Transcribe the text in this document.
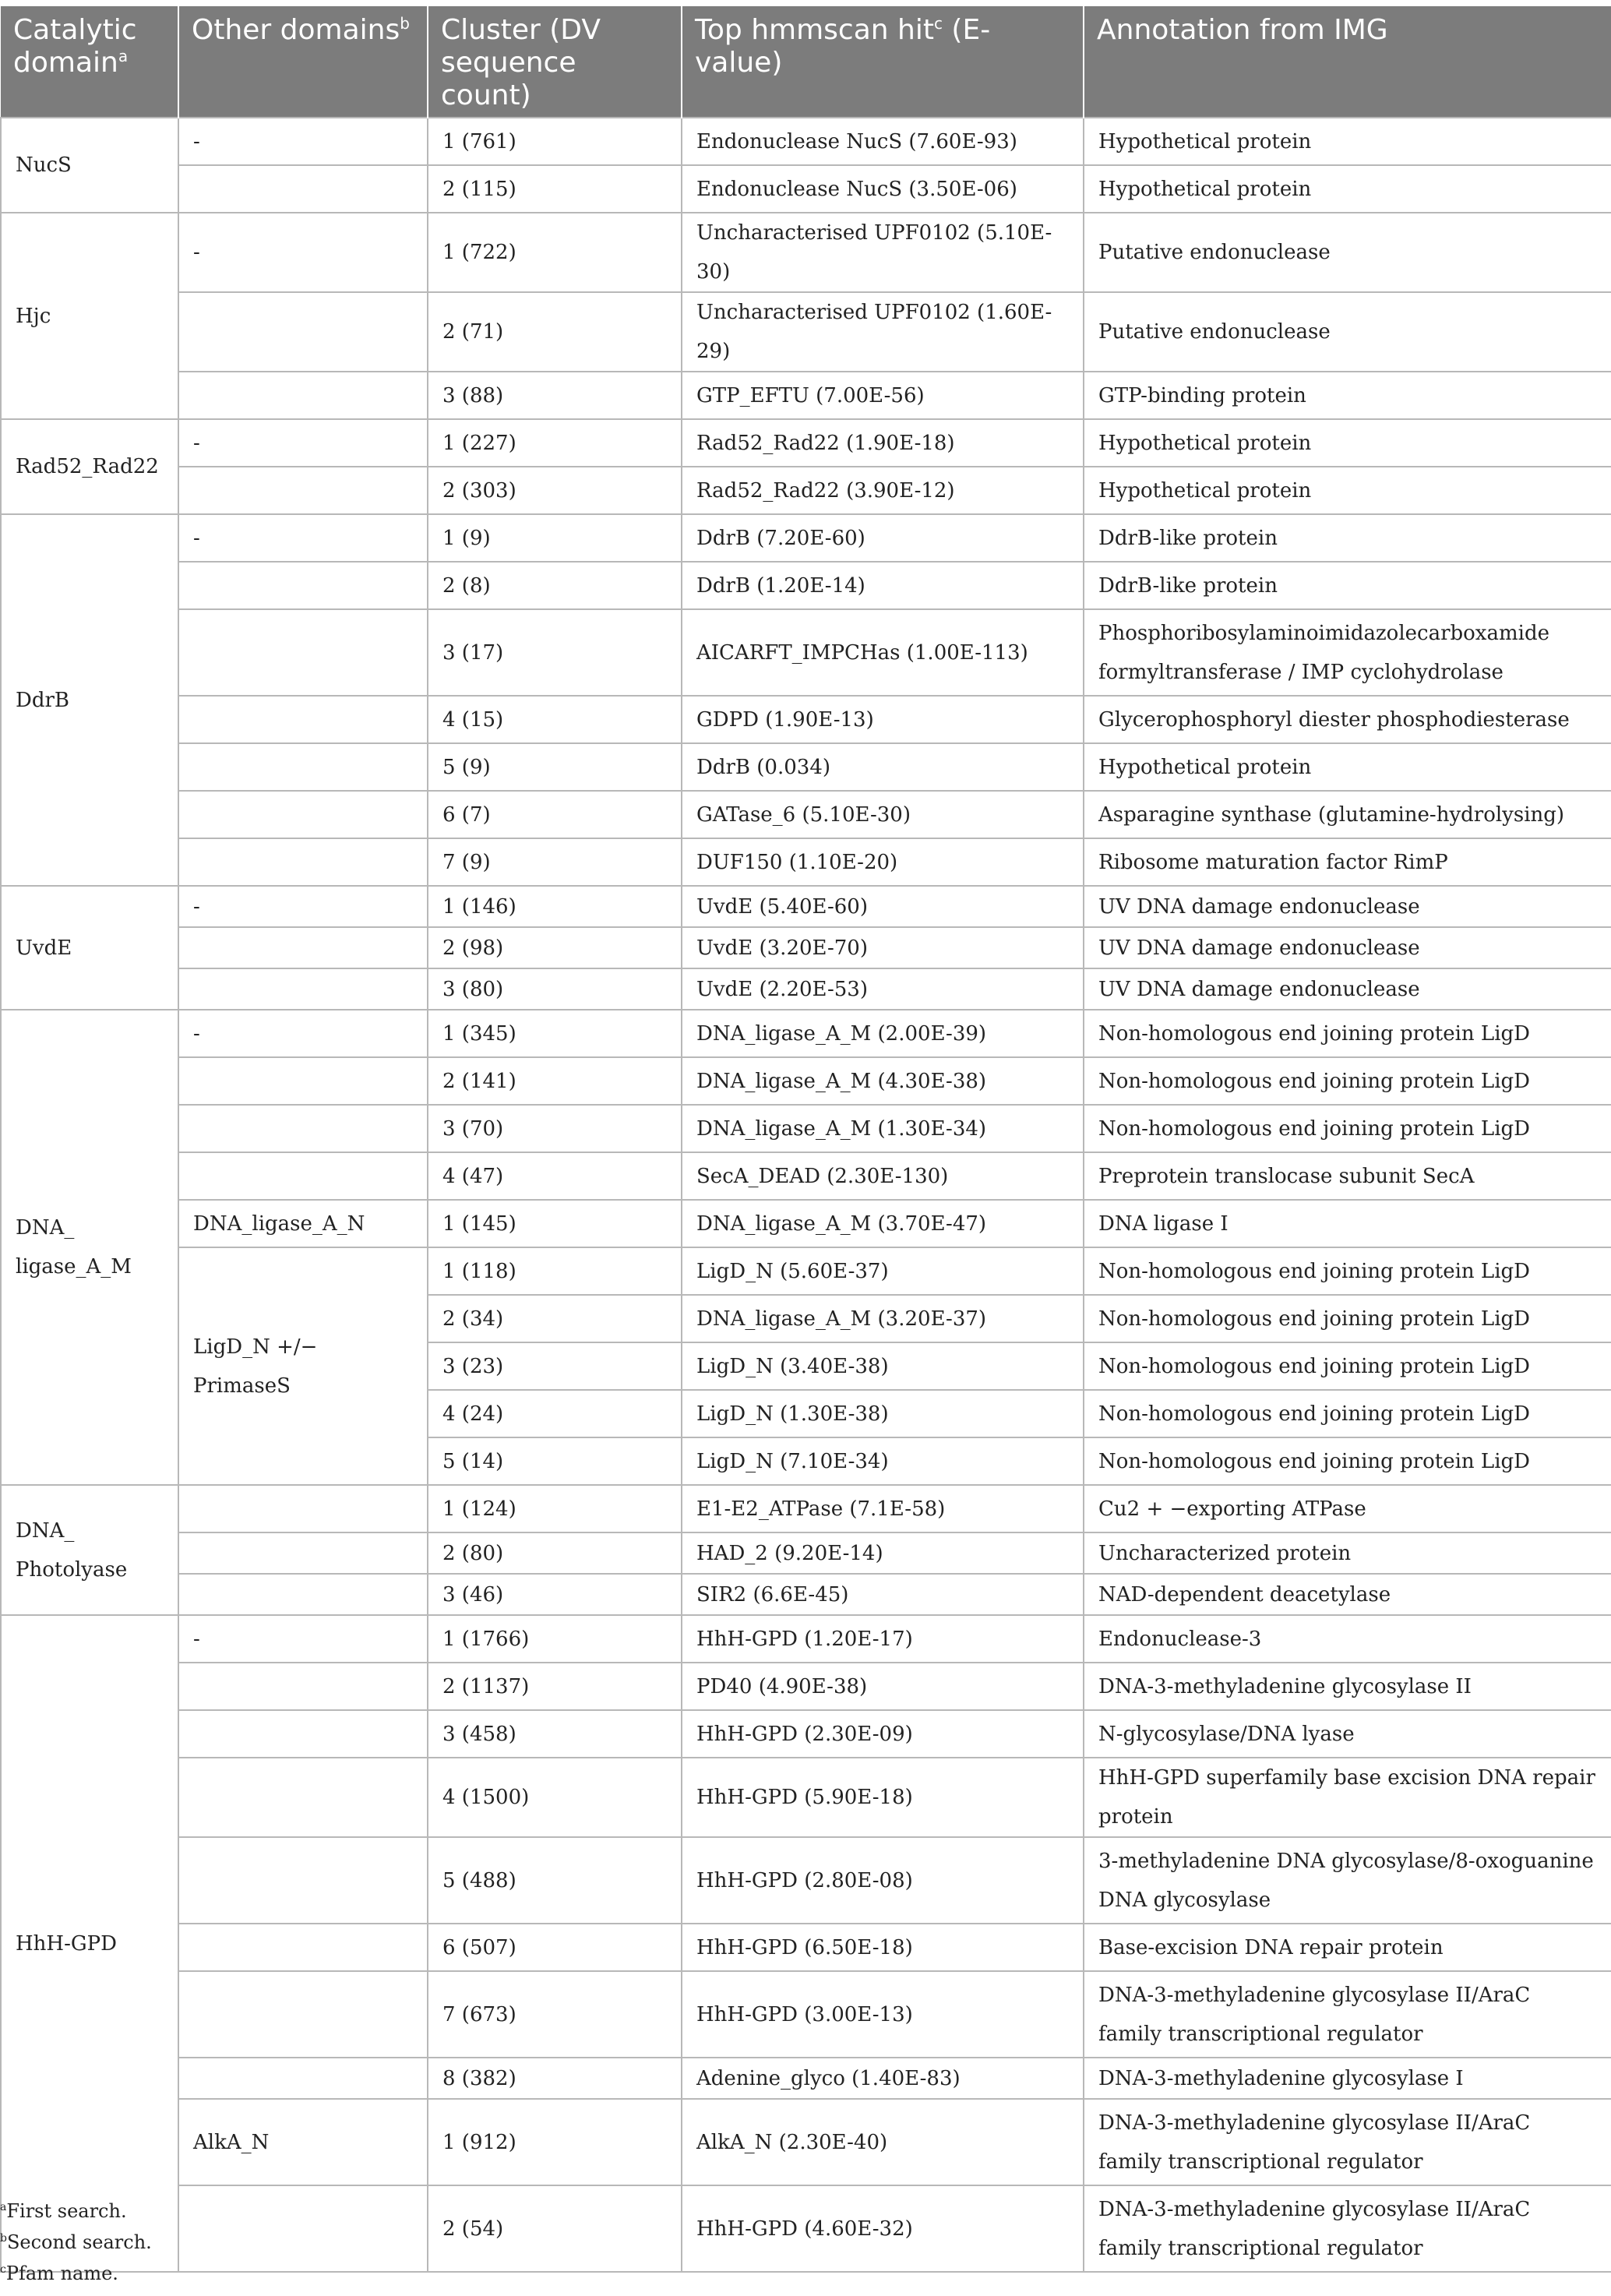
Catalytic domain$^a$	Other domains$^b$	Cluster (DV sequence count)	Top hmmscan hit$^c$ (E-value)	Annotation from IMG
NucS	-	1 (761)	Endonuclease NucS (7.60E-93)	Hypothetical protein
		2 (115)	Endonuclease NucS (3.50E-06)	Hypothetical protein
Hjc	-	1 (722)	Uncharacterised UPF0102 (5.10E-30)	Putative endonuclease
		2 (71)	Uncharacterised UPF0102 (1.60E-29)	Putative endonuclease
		3 (88)	GTP_EFTU (7.00E-56)	GTP-binding protein
Rad52_Rad22	-	1 (227)	Rad52_Rad22 (1.90E-18)	Hypothetical protein
		2 (303)	Rad52_Rad22 (3.90E-12)	Hypothetical protein
DdrB	-	1 (9)	DdrB (7.20E-60)	DdrB-like protein
		2 (8)	DdrB (1.20E-14)	DdrB-like protein
		3 (17)	AICARFT_IMPCHas (1.00E-113)	Phosphoribosylaminoimidazolecarboxamide formyltransferase / IMP cyclohydrolase
		4 (15)	GDPD (1.90E-13)	Glycerophosphoryl diester phosphodiesterase
		5 (9)	DdrB (0.034)	Hypothetical protein
		6 (7)	GATase_6 (5.10E-30)	Asparagine synthase (glutamine-hydrolysing)
		7 (9)	DUF150 (1.10E-20)	Ribosome maturation factor RimP
UvdE	-	1 (146)	UvdE (5.40E-60)	UV DNA damage endonuclease
		2 (98)	UvdE (3.20E-70)	UV DNA damage endonuclease
		3 (80)	UvdE (2.20E-53)	UV DNA damage endonuclease
DNA_ ligase_A_M	-	1 (345)	DNA_ligase_A_M (2.00E-39)	Non-homologous end joining protein LigD
		2 (141)	DNA_ligase_A_M (4.30E-38)	Non-homologous end joining protein LigD
		3 (70)	DNA_ligase_A_M (1.30E-34)	Non-homologous end joining protein LigD
		4 (47)	SecA_DEAD (2.30E-130)	Preprotein translocase subunit SecA
	DNA_ligase_A_N	1 (145)	DNA_ligase_A_M (3.70E-47)	DNA ligase I
	LigD_N +/− PrimaseS	1 (118)	LigD_N (5.60E-37)	Non-homologous end joining protein LigD
		2 (34)	DNA_ligase_A_M (3.20E-37)	Non-homologous end joining protein LigD
		3 (23)	LigD_N (3.40E-38)	Non-homologous end joining protein LigD
		4 (24)	LigD_N (1.30E-38)	Non-homologous end joining protein LigD
		5 (14)	LigD_N (7.10E-34)	Non-homologous end joining protein LigD
DNA_ Photolyase		1 (124)	E1-E2_ATPase (7.1E-58)	Cu2 + −exporting ATPase
		2 (80)	HAD_2 (9.20E-14)	Uncharacterized protein
		3 (46)	SIR2 (6.6E-45)	NAD-dependent deacetylase
HhH-GPD	-	1 (1766)	HhH-GPD (1.20E-17)	Endonuclease-3
		2 (1137)	PD40 (4.90E-38)	DNA-3-methyladenine glycosylase II
		3 (458)	HhH-GPD (2.30E-09)	N-glycosylase/DNA lyase
		4 (1500)	HhH-GPD (5.90E-18)	HhH-GPD superfamily base excision DNA repair protein
		5 (488)	HhH-GPD (2.80E-08)	3-methyladenine DNA glycosylase/8-oxoguanine DNA glycosylase
		6 (507)	HhH-GPD (6.50E-18)	Base-excision DNA repair protein
		7 (673)	HhH-GPD (3.00E-13)	DNA-3-methyladenine glycosylase II/AraC family transcriptional regulator
		8 (382)	Adenine_glyco (1.40E-83)	DNA-3-methyladenine glycosylase I
	AlkA_N	1 (912)	AlkA_N (2.30E-40)	DNA-3-methyladenine glycosylase II/AraC family transcriptional regulator
		2 (54)	HhH-GPD (4.60E-32)	DNA-3-methyladenine glycosylase II/AraC family transcriptional regulator
$^a$First search.
$^b$Second search.
$^c$Pfam name.
